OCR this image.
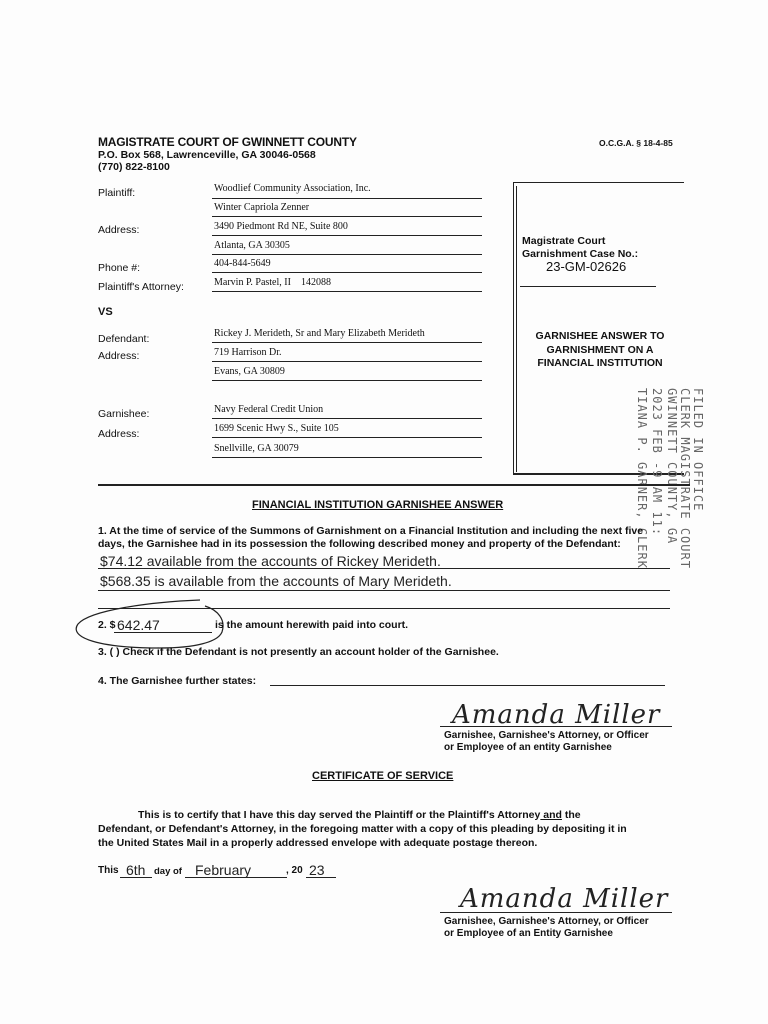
MAGISTRATE COURT OF GWINNETT COUNTY
P.O. Box 568, Lawrenceville, GA 30046-0568
(770) 822-8100
O.C.G.A. § 18-4-85
Plaintiff:	Woodlief Community Association, Inc.
Winter Capriola Zenner
Address:	3490 Piedmont Rd NE, Suite 800
Atlanta, GA 30305
Phone #:	404-844-5649
Plaintiff's Attorney:	Marvin P. Pastel, II    142088
VS
Defendant:	Rickey J. Merideth, Sr and Mary Elizabeth Merideth
Address:	719 Harrison Dr.
Evans, GA 30809
Garnishee:	Navy Federal Credit Union
Address:	1699 Scenic Hwy S., Suite 105
Snellville, GA 30079
Magistrate Court
Garnishment Case No.:
23-GM-02626
GARNISHEE ANSWER TO
GARNISHMENT ON A
FINANCIAL INSTITUTION
FILED IN OFFICE
CLERK MAGISTRATE COURT
GWINNETT COUNTY, GA
2023 FEB -9 AM 11:
TIANA P. GARNER, CLERK
FINANCIAL INSTITUTION GARNISHEE ANSWER
1. At the time of service of the Summons of Garnishment on a Financial Institution and including the next five
days, the Garnishee had in its possession the following described money and property of the Defendant:
$74.12 available from the accounts of Rickey Merideth.
$568.35 is available from the accounts of Mary Merideth.
2. $ 642.47	is the amount herewith paid into court.
3. ( ) Check if the Defendant is not presently an account holder of the Garnishee.
4. The Garnishee further states:
Amanda Miller
Garnishee, Garnishee's Attorney, or Officer
or Employee of an entity Garnishee
CERTIFICATE OF SERVICE
This is to certify that I have this day served the Plaintiff or the Plaintiff's Attorney and the
Defendant, or Defendant's Attorney, in the foregoing matter with a copy of this pleading by depositing it in
the United States Mail in a properly addressed envelope with adequate postage thereon.
This 6th day of February	, 20 23
Amanda Miller
Garnishee, Garnishee's Attorney, or Officer
or Employee of an Entity Garnishee
